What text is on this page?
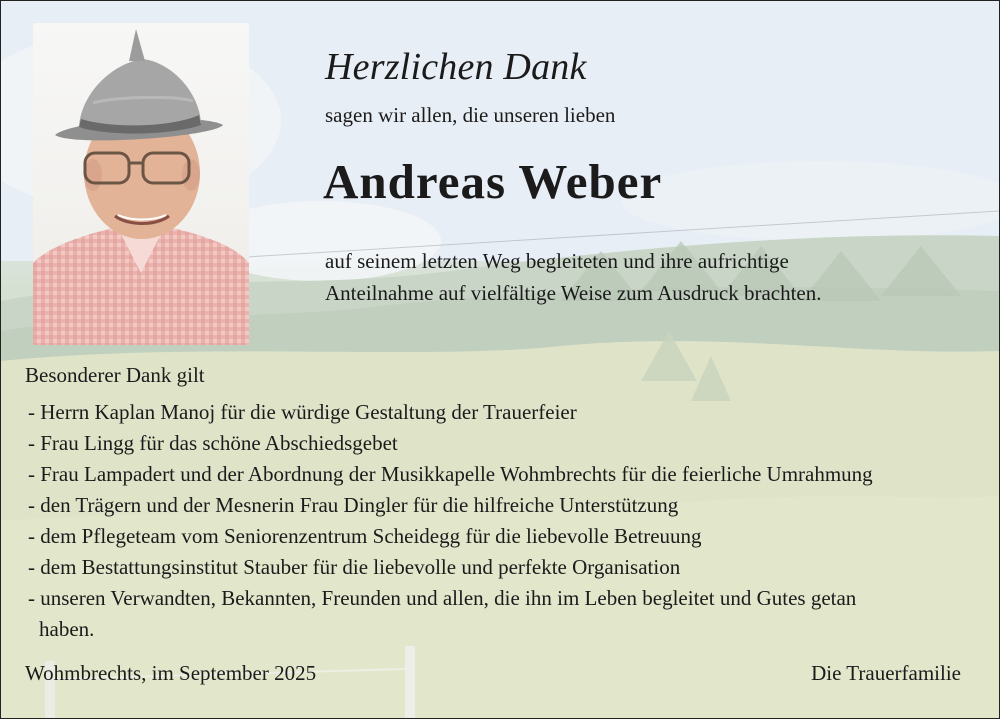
Herzlichen Dank
sagen wir allen, die unseren lieben
Andreas Weber
auf seinem letzten Weg begleiteten und ihre aufrichtige
Anteilnahme auf vielfältige Weise zum Ausdruck brachten.
Besonderer Dank gilt
- Herrn Kaplan Manoj für die würdige Gestaltung der Trauerfeier
- Frau Lingg für das schöne Abschiedsgebet
- Frau Lampadert und der Abordnung der Musikkapelle Wohmbrechts für die feierliche Umrahmung
- den Trägern und der Mesnerin Frau Dingler für die hilfreiche Unterstützung
- dem Pflegeteam vom Seniorenzentrum Scheidegg für die liebevolle Betreuung
- dem Bestattungsinstitut Stauber für die liebevolle und perfekte Organisation
- unseren Verwandten, Bekannten, Freunden und allen, die ihn im Leben begleitet und Gutes getan haben.
Wohmbrechts, im September 2025	Die Trauerfamilie
